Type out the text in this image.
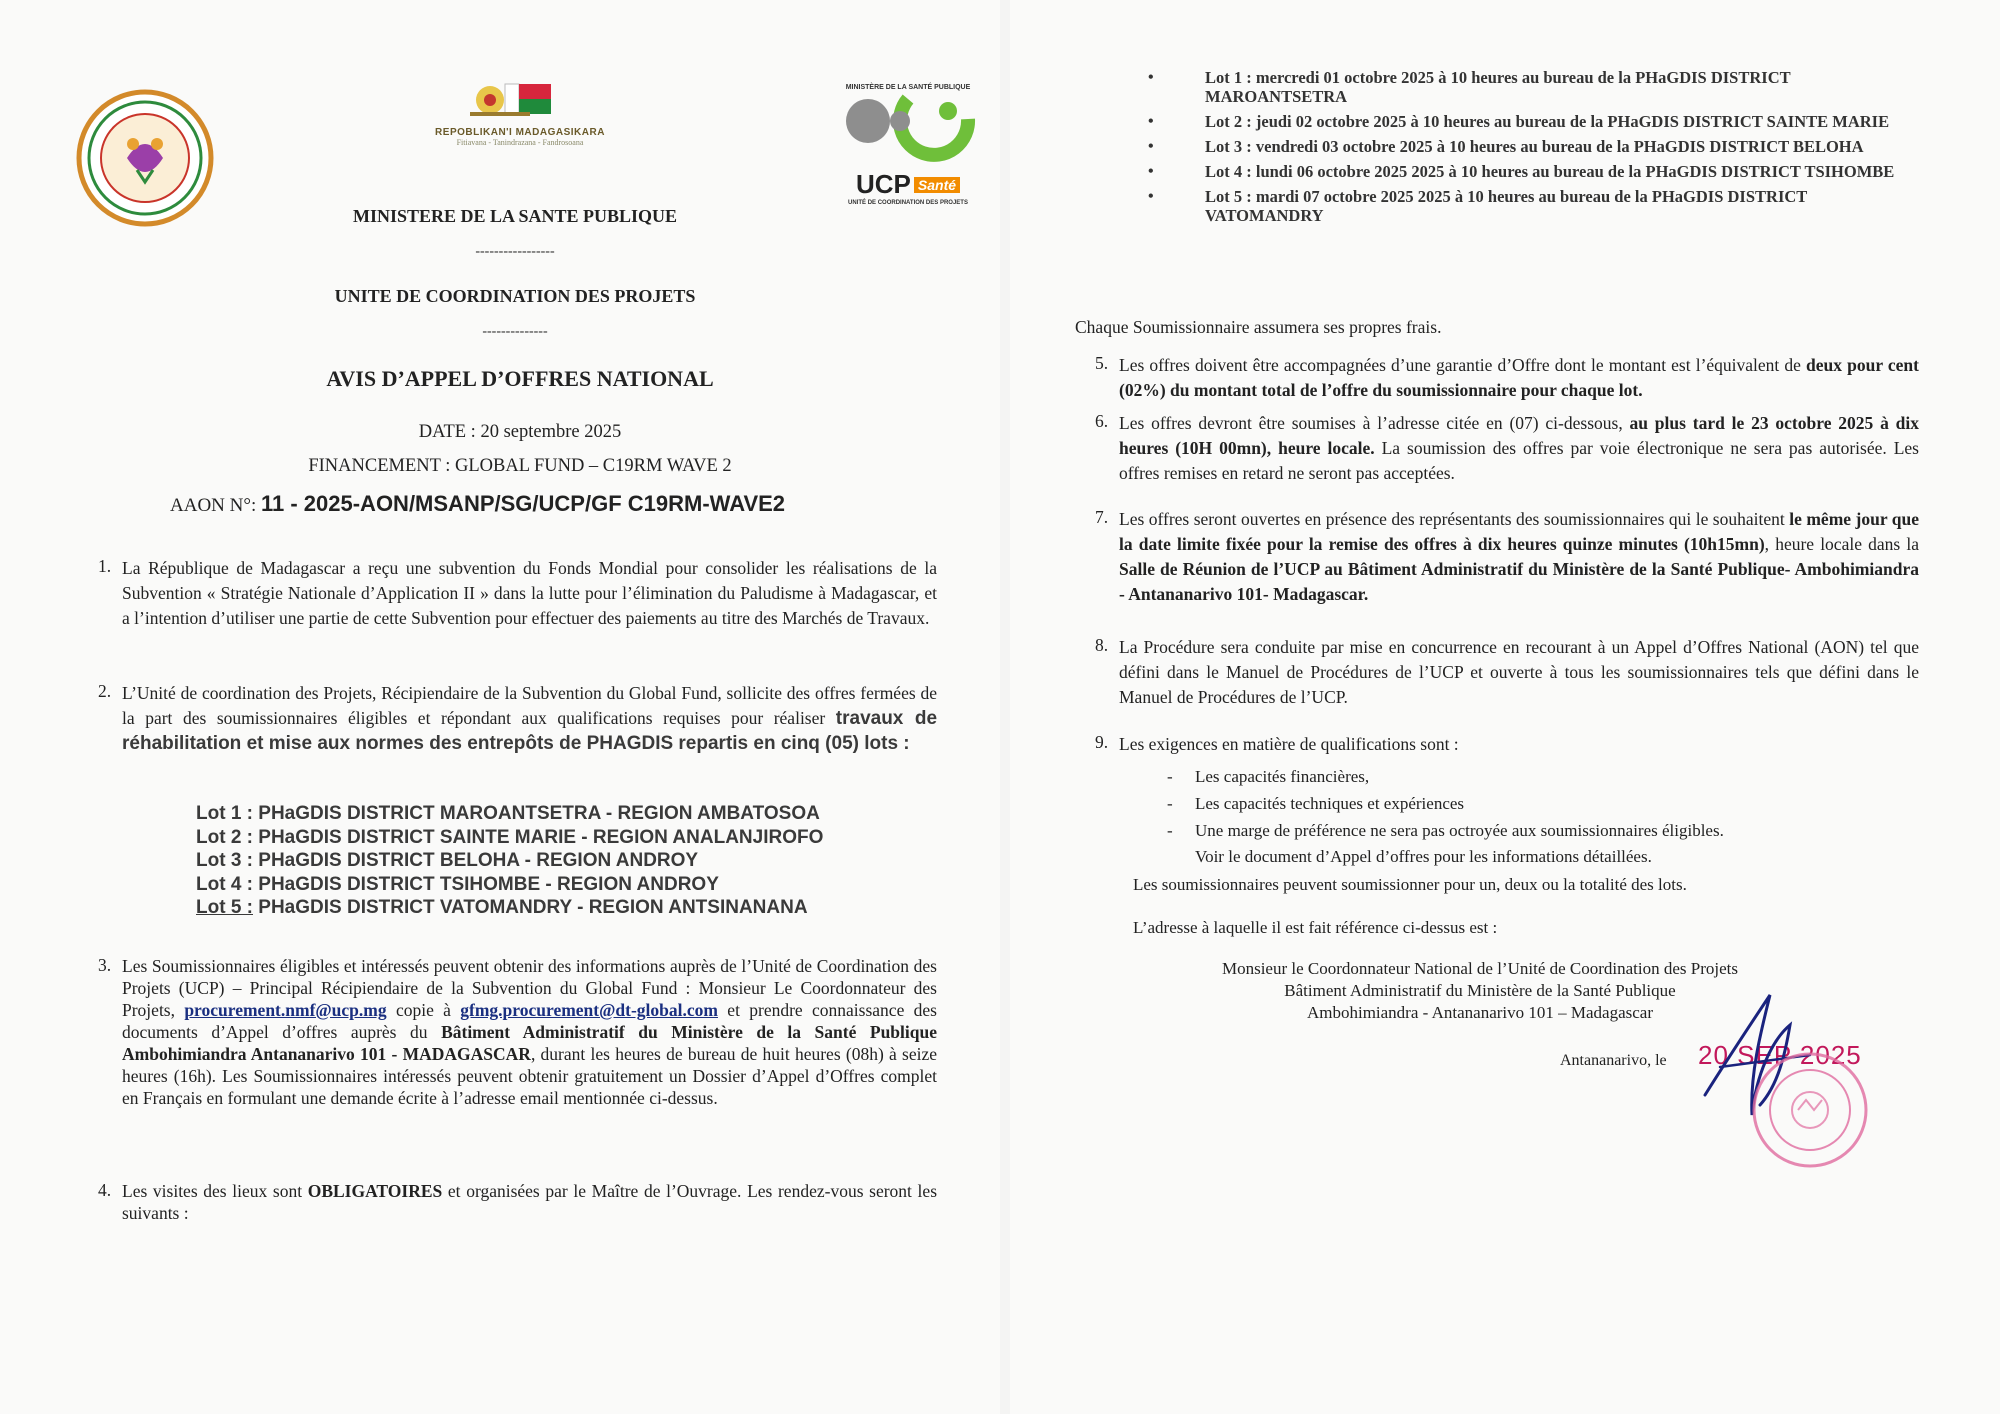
REPOBLIKAN'I MADAGASIKARA
Fitiavana - Tanindrazana - Fandrosoana
MINISTÈRE DE LA SANTÉ PUBLIQUE
UCP Santé
UNITÉ DE COORDINATION DES PROJETS
MINISTERE DE LA SANTE PUBLIQUE
-----------------
UNITE DE COORDINATION DES PROJETS
--------------
AVIS D’APPEL D’OFFRES NATIONAL
DATE : 20 septembre 2025
FINANCEMENT : GLOBAL FUND – C19RM WAVE 2
AAON N°: 11 - 2025-AON/MSANP/SG/UCP/GF C19RM-WAVE2
1. La République de Madagascar a reçu une subvention du Fonds Mondial pour consolider les réalisations de la Subvention « Stratégie Nationale d’Application II » dans la lutte pour l’élimination du Paludisme à Madagascar, et a l’intention d’utiliser une partie de cette Subvention pour effectuer des paiements au titre des Marchés de Travaux.
2. L’Unité de coordination des Projets, Récipiendaire de la Subvention du Global Fund, sollicite des offres fermées de la part des soumissionnaires éligibles et répondant aux qualifications requises pour réaliser travaux de réhabilitation et mise aux normes des entrepôts de PHAGDIS repartis en cinq (05) lots :
Lot 1 : PHaGDIS DISTRICT MAROANTSETRA - REGION AMBATOSOA
Lot 2 : PHaGDIS DISTRICT SAINTE MARIE - REGION ANALANJIROFO
Lot 3 : PHaGDIS DISTRICT BELOHA - REGION ANDROY
Lot 4 : PHaGDIS DISTRICT TSIHOMBE - REGION ANDROY
Lot 5 : PHaGDIS DISTRICT VATOMANDRY - REGION ANTSINANANA
3. Les Soumissionnaires éligibles et intéressés peuvent obtenir des informations auprès de l’Unité de Coordination des Projets (UCP) – Principal Récipiendaire de la Subvention du Global Fund : Monsieur Le Coordonnateur des Projets, procurement.nmf@ucp.mg copie à gfmg.procurement@dt-global.com et prendre connaissance des documents d’Appel d’offres auprès du Bâtiment Administratif du Ministère de la Santé Publique Ambohimiandra Antananarivo 101 - MADAGASCAR, durant les heures de bureau de huit heures (08h) à seize heures (16h). Les Soumissionnaires intéressés peuvent obtenir gratuitement un Dossier d’Appel d’Offres complet en Français en formulant une demande écrite à l’adresse email mentionnée ci-dessus.
4. Les visites des lieux sont OBLIGATOIRES et organisées par le Maître de l’Ouvrage. Les rendez-vous seront les suivants :
•	Lot 1 : mercredi 01 octobre 2025 à 10 heures au bureau de la PHaGDIS DISTRICT MAROANTSETRA
•	Lot 2 : jeudi 02 octobre 2025 à 10 heures au bureau de la PHaGDIS DISTRICT SAINTE MARIE
•	Lot 3 : vendredi 03 octobre 2025 à 10 heures au bureau de la PHaGDIS DISTRICT BELOHA
•	Lot 4 : lundi 06 octobre 2025 2025 à 10 heures au bureau de la PHaGDIS DISTRICT TSIHOMBE
•	Lot 5 : mardi 07 octobre 2025 2025 à 10 heures au bureau de la PHaGDIS DISTRICT VATOMANDRY
Chaque Soumissionnaire assumera ses propres frais.
5. Les offres doivent être accompagnées d’une garantie d’Offre dont le montant est l’équivalent de deux pour cent (02%) du montant total de l’offre du soumissionnaire pour chaque lot.
6. Les offres devront être soumises à l’adresse citée en (07) ci-dessous, au plus tard le 23 octobre 2025 à dix heures (10H 00mn), heure locale. La soumission des offres par voie électronique ne sera pas autorisée. Les offres remises en retard ne seront pas acceptées.
7. Les offres seront ouvertes en présence des représentants des soumissionnaires qui le souhaitent le même jour que la date limite fixée pour la remise des offres à dix heures quinze minutes (10h15mn), heure locale dans la Salle de Réunion de l’UCP au Bâtiment Administratif du Ministère de la Santé Publique- Ambohimiandra - Antananarivo 101- Madagascar.
8. La Procédure sera conduite par mise en concurrence en recourant à un Appel d’Offres National (AON) tel que défini dans le Manuel de Procédures de l’UCP et ouverte à tous les soumissionnaires tels que défini dans le Manuel de Procédures de l’UCP.
9. Les exigences en matière de qualifications sont :
- Les capacités financières,
- Les capacités techniques et expériences
- Une marge de préférence ne sera pas octroyée aux soumissionnaires éligibles.
Voir le document d’Appel d’offres pour les informations détaillées.
Les soumissionnaires peuvent soumissionner pour un, deux ou la totalité des lots.
L’adresse à laquelle il est fait référence ci-dessus est :
Monsieur le Coordonnateur National de l’Unité de Coordination des Projets
Bâtiment Administratif du Ministère de la Santé Publique
Ambohimiandra - Antananarivo 101 – Madagascar
Antananarivo, le 20 SEP 2025
